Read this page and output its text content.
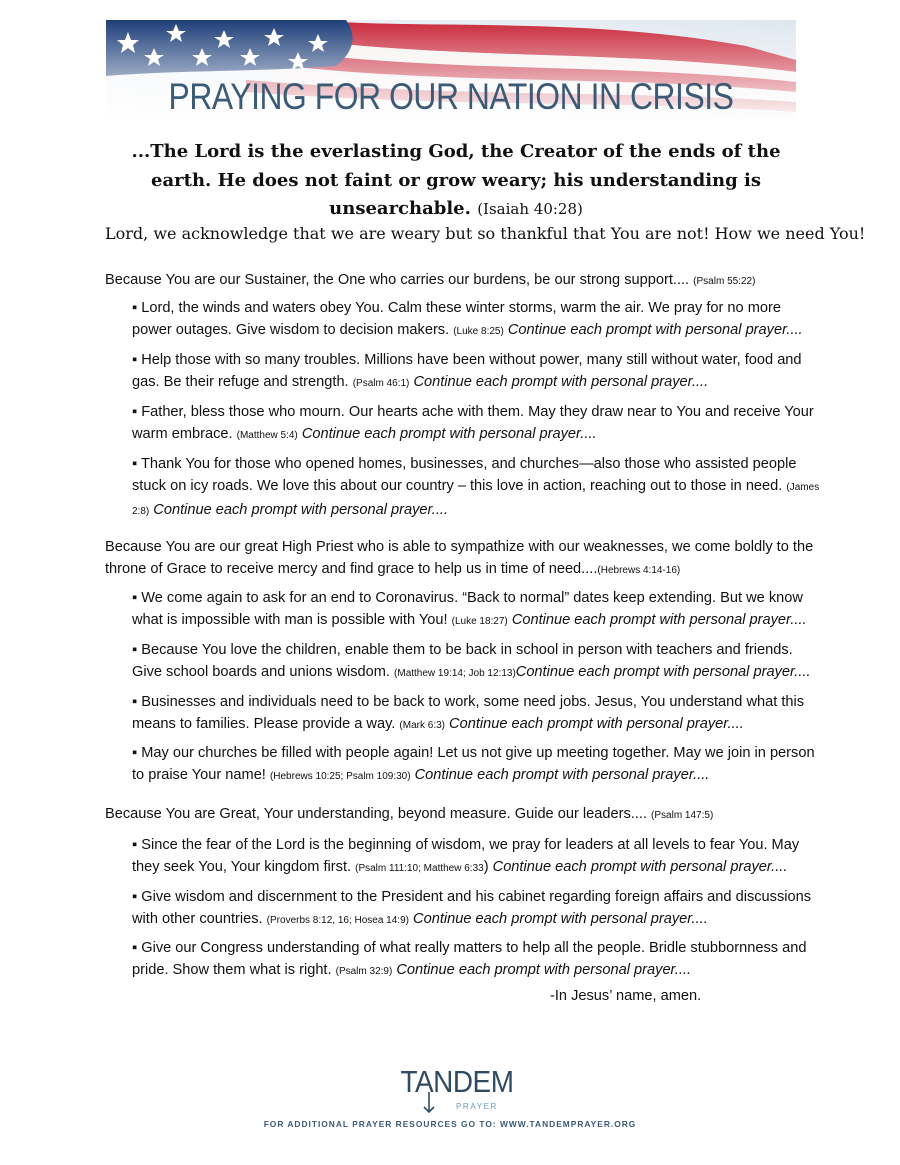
PRAYING FOR OUR NATION IN CRISIS
...The Lord is the everlasting God, the Creator of the ends of the earth. He does not faint or grow weary; his understanding is unsearchable. (Isaiah 40:28)
Lord, we acknowledge that we are weary but so thankful that You are not! How we need You!
Because You are our Sustainer, the One who carries our burdens, be our strong support.... (Psalm 55:22)
▪ Lord, the winds and waters obey You. Calm these winter storms, warm the air. We pray for no more power outages. Give wisdom to decision makers. (Luke 8:25) Continue each prompt with personal prayer....
▪ Help those with so many troubles. Millions have been without power, many still without water, food and gas. Be their refuge and strength. (Psalm 46:1) Continue each prompt with personal prayer....
▪ Father, bless those who mourn. Our hearts ache with them. May they draw near to You and receive Your warm embrace. (Matthew 5:4) Continue each prompt with personal prayer....
▪ Thank You for those who opened homes, businesses, and churches—also those who assisted people stuck on icy roads. We love this about our country – this love in action, reaching out to those in need. (James 2:8) Continue each prompt with personal prayer....
Because You are our great High Priest who is able to sympathize with our weaknesses, we come boldly to the throne of Grace to receive mercy and find grace to help us in time of need....(Hebrews 4:14-16)
▪ We come again to ask for an end to Coronavirus. “Back to normal” dates keep extending. But we know what is impossible with man is possible with You! (Luke 18:27) Continue each prompt with personal prayer....
▪ Because You love the children, enable them to be back in school in person with teachers and friends. Give school boards and unions wisdom. (Matthew 19:14; Job 12:13)Continue each prompt with personal prayer....
▪ Businesses and individuals need to be back to work, some need jobs. Jesus, You understand what this means to families. Please provide a way. (Mark 6:3) Continue each prompt with personal prayer....
▪ May our churches be filled with people again! Let us not give up meeting together. May we join in person to praise Your name! (Hebrews 10:25; Psalm 109:30) Continue each prompt with personal prayer....
Because You are Great, Your understanding, beyond measure. Guide our leaders.... (Psalm 147:5)
▪ Since the fear of the Lord is the beginning of wisdom, we pray for leaders at all levels to fear You. May they seek You, Your kingdom first. (Psalm 111:10; Matthew 6:33) Continue each prompt with personal prayer....
▪ Give wisdom and discernment to the President and his cabinet regarding foreign affairs and discussions with other countries. (Proverbs 8:12, 16; Hosea 14:9) Continue each prompt with personal prayer....
▪ Give our Congress understanding of what really matters to help all the people. Bridle stubbornness and pride. Show them what is right. (Psalm 32:9) Continue each prompt with personal prayer....
-In Jesus’ name, amen.
TANDEM
PRAYER
FOR ADDITIONAL PRAYER RESOURCES GO TO: WWW.TANDEMPRAYER.ORG
